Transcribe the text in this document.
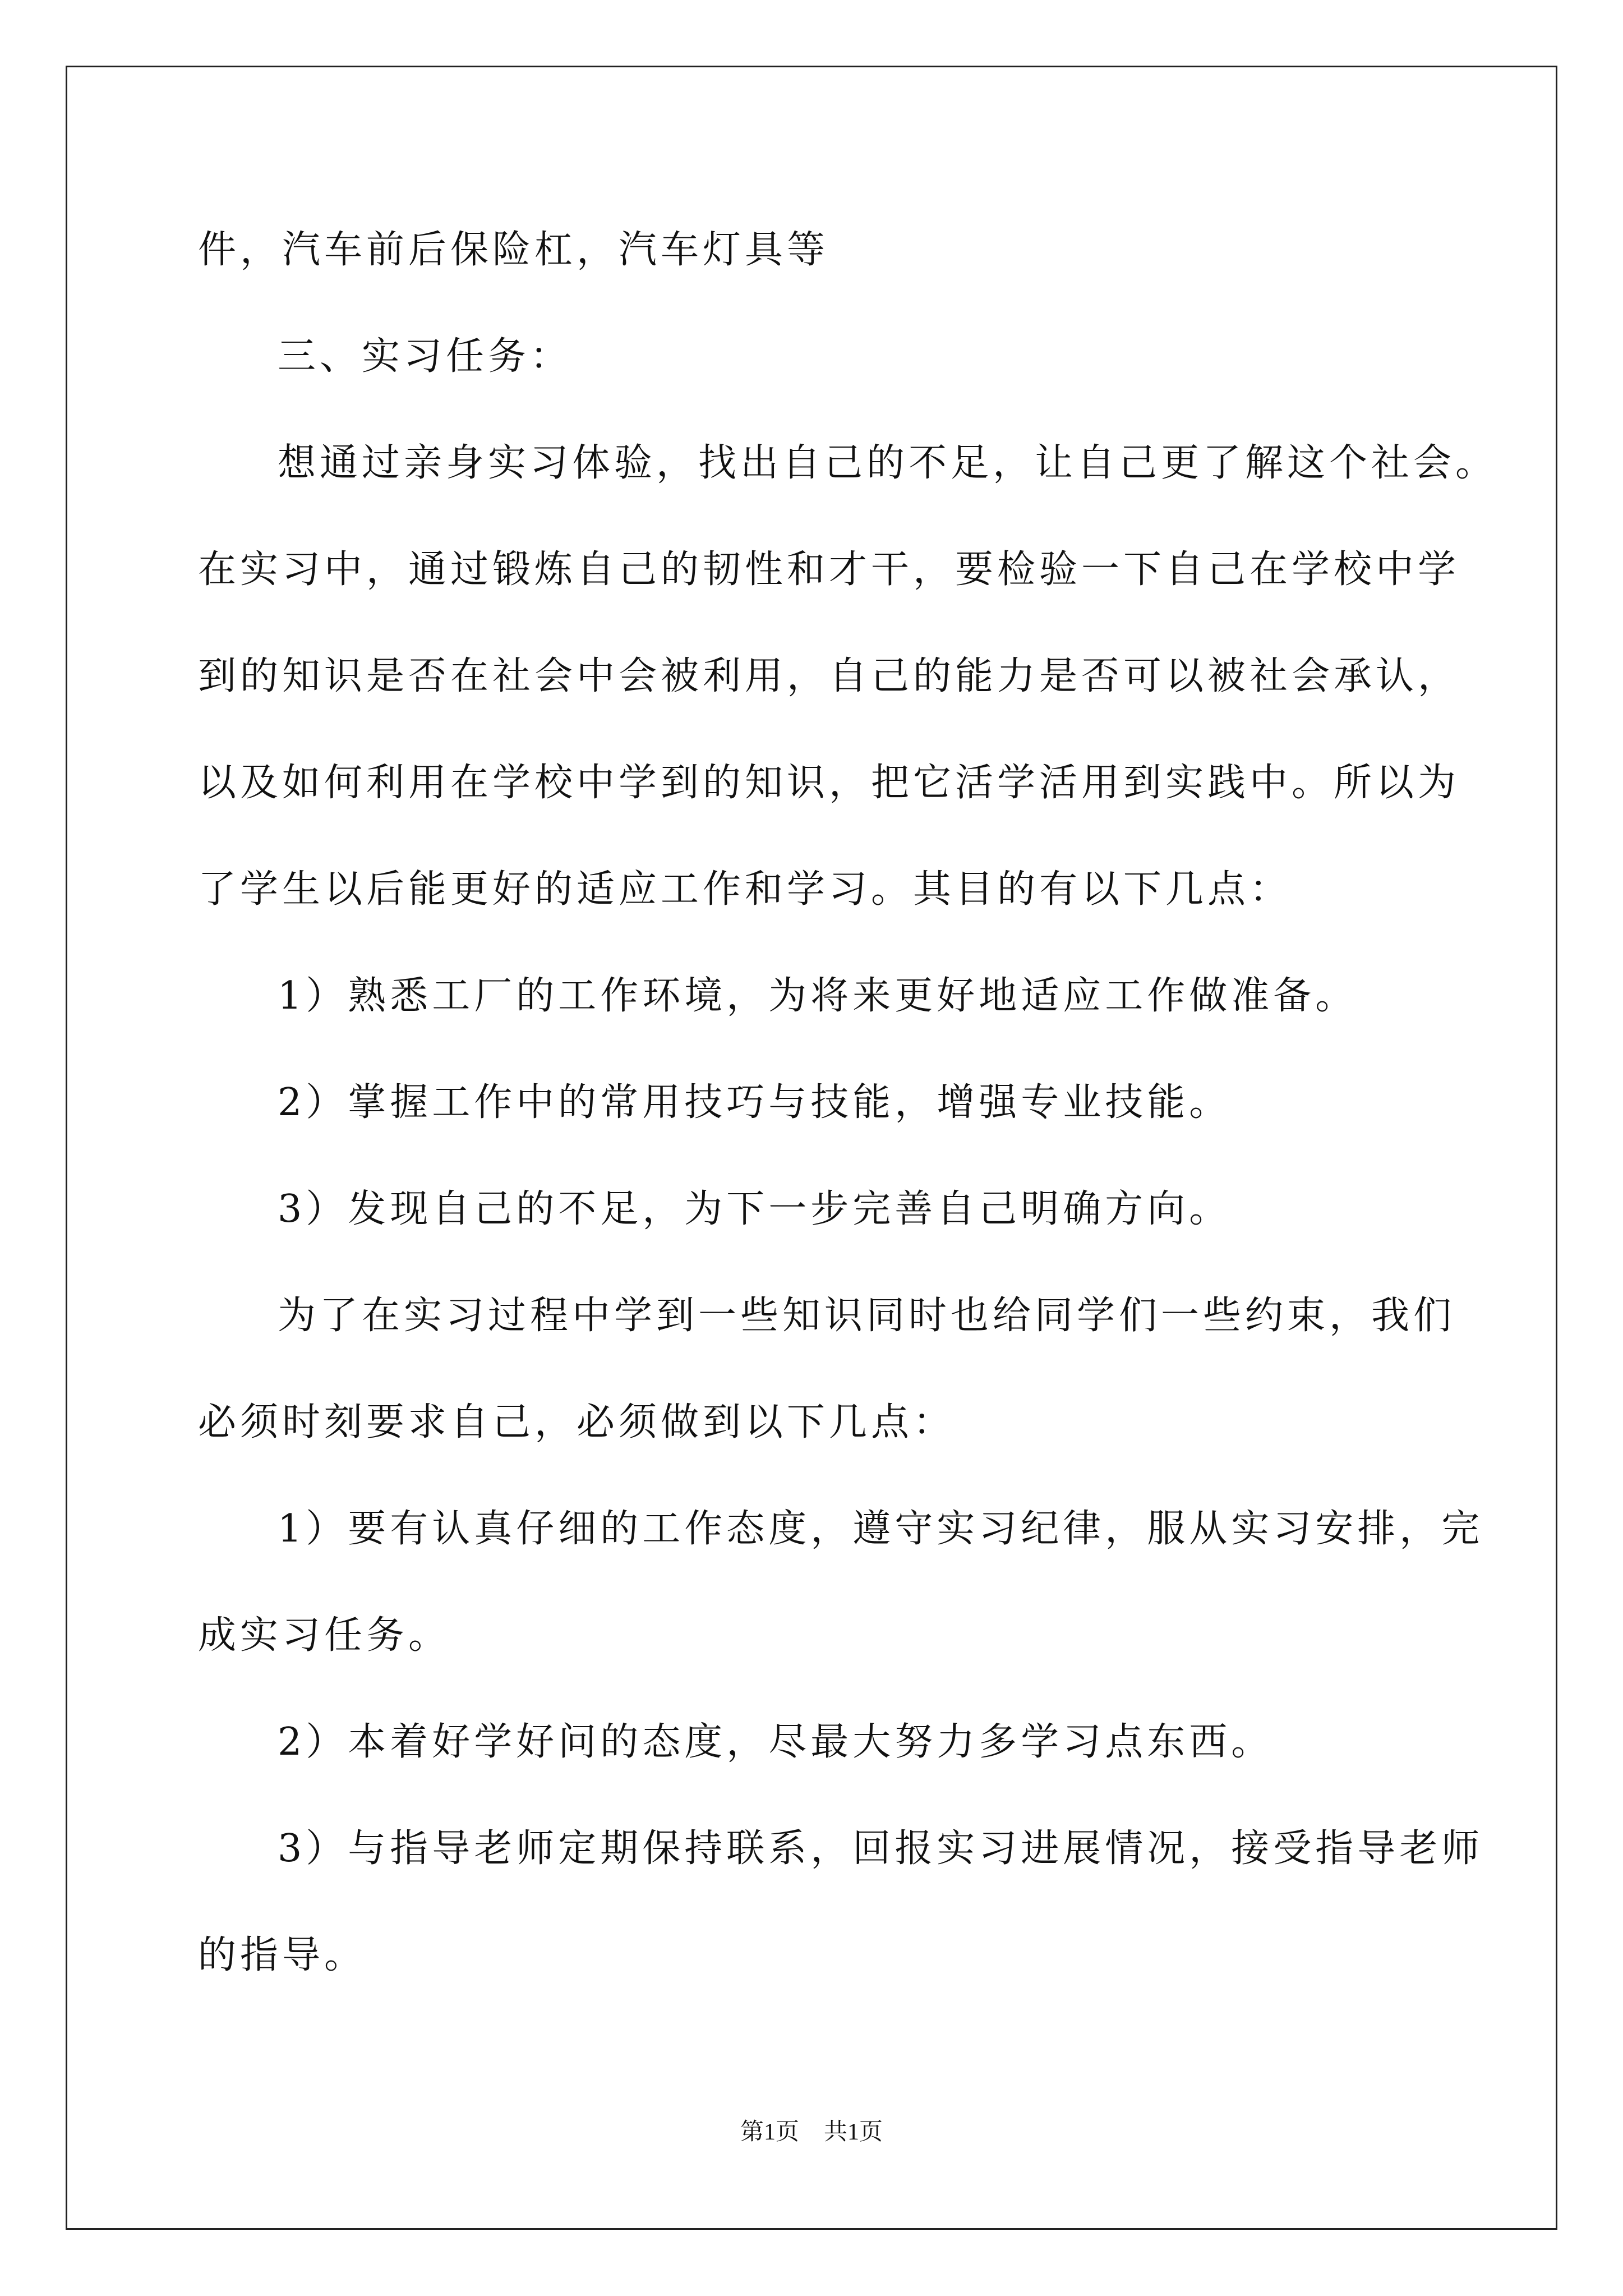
件，汽车前后保险杠，汽车灯具等
三、实习任务：
想通过亲身实习体验，找出自己的不足，让自己更了解这个社会。
在实习中，通过锻炼自己的韧性和才干，要检验一下自己在学校中学
到的知识是否在社会中会被利用，自己的能力是否可以被社会承认，
以及如何利用在学校中学到的知识，把它活学活用到实践中。所以为
了学生以后能更好的适应工作和学习。其目的有以下几点：
1）熟悉工厂的工作环境，为将来更好地适应工作做准备。
2）掌握工作中的常用技巧与技能，增强专业技能。
3）发现自己的不足，为下一步完善自己明确方向。
为了在实习过程中学到一些知识同时也给同学们一些约束，我们
必须时刻要求自己，必须做到以下几点：
1）要有认真仔细的工作态度，遵守实习纪律，服从实习安排，完
成实习任务。
2）本着好学好问的态度，尽最大努力多学习点东西。
3）与指导老师定期保持联系，回报实习进展情况，接受指导老师
的指导。
第1页 共1页
